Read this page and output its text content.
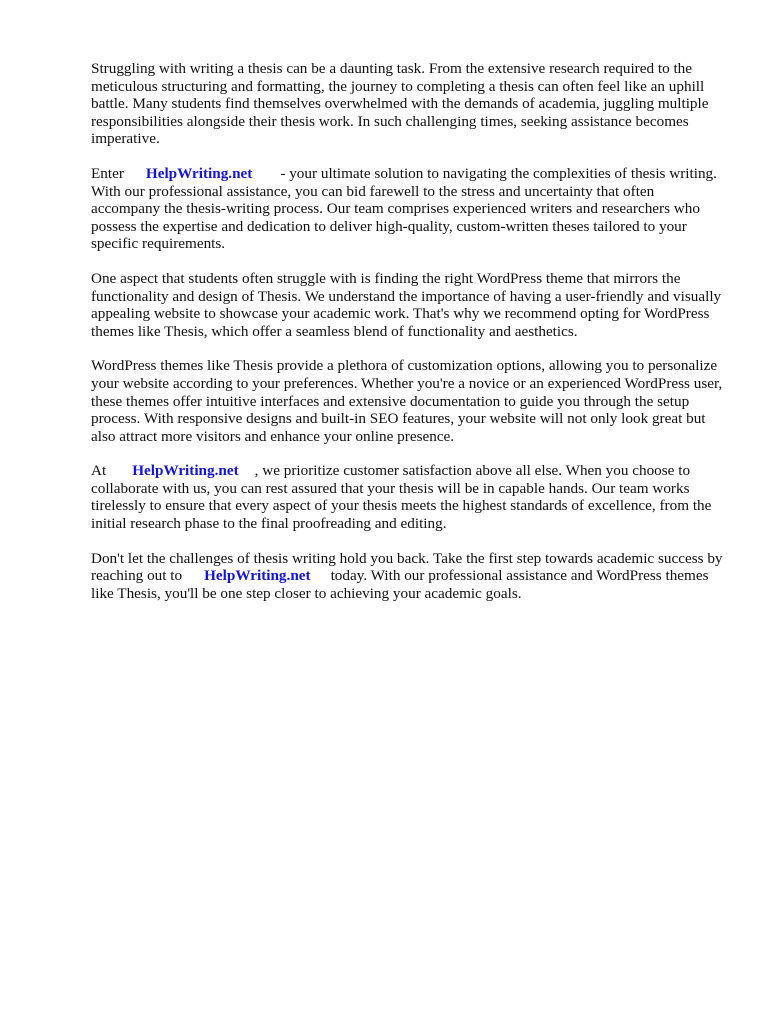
Struggling with writing a thesis can be a daunting task. From the extensive research required to the meticulous structuring and formatting, the journey to completing a thesis can often feel like an uphill battle. Many students find themselves overwhelmed with the demands of academia, juggling multiple responsibilities alongside their thesis work. In such challenging times, seeking assistance becomes imperative.

Enter HelpWriting.net - your ultimate solution to navigating the complexities of thesis writing. With our professional assistance, you can bid farewell to the stress and uncertainty that often accompany the thesis-writing process. Our team comprises experienced writers and researchers who possess the expertise and dedication to deliver high-quality, custom-written theses tailored to your specific requirements.

One aspect that students often struggle with is finding the right WordPress theme that mirrors the functionality and design of Thesis. We understand the importance of having a user-friendly and visually appealing website to showcase your academic work. That's why we recommend opting for WordPress themes like Thesis, which offer a seamless blend of functionality and aesthetics.

WordPress themes like Thesis provide a plethora of customization options, allowing you to personalize your website according to your preferences. Whether you're a novice or an experienced WordPress user, these themes offer intuitive interfaces and extensive documentation to guide you through the setup process. With responsive designs and built-in SEO features, your website will not only look great but also attract more visitors and enhance your online presence.

At HelpWriting.net , we prioritize customer satisfaction above all else. When you choose to collaborate with us, you can rest assured that your thesis will be in capable hands. Our team works tirelessly to ensure that every aspect of your thesis meets the highest standards of excellence, from the initial research phase to the final proofreading and editing.

Don't let the challenges of thesis writing hold you back. Take the first step towards academic success by reaching out to HelpWriting.net today. With our professional assistance and WordPress themes like Thesis, you'll be one step closer to achieving your academic goals.
